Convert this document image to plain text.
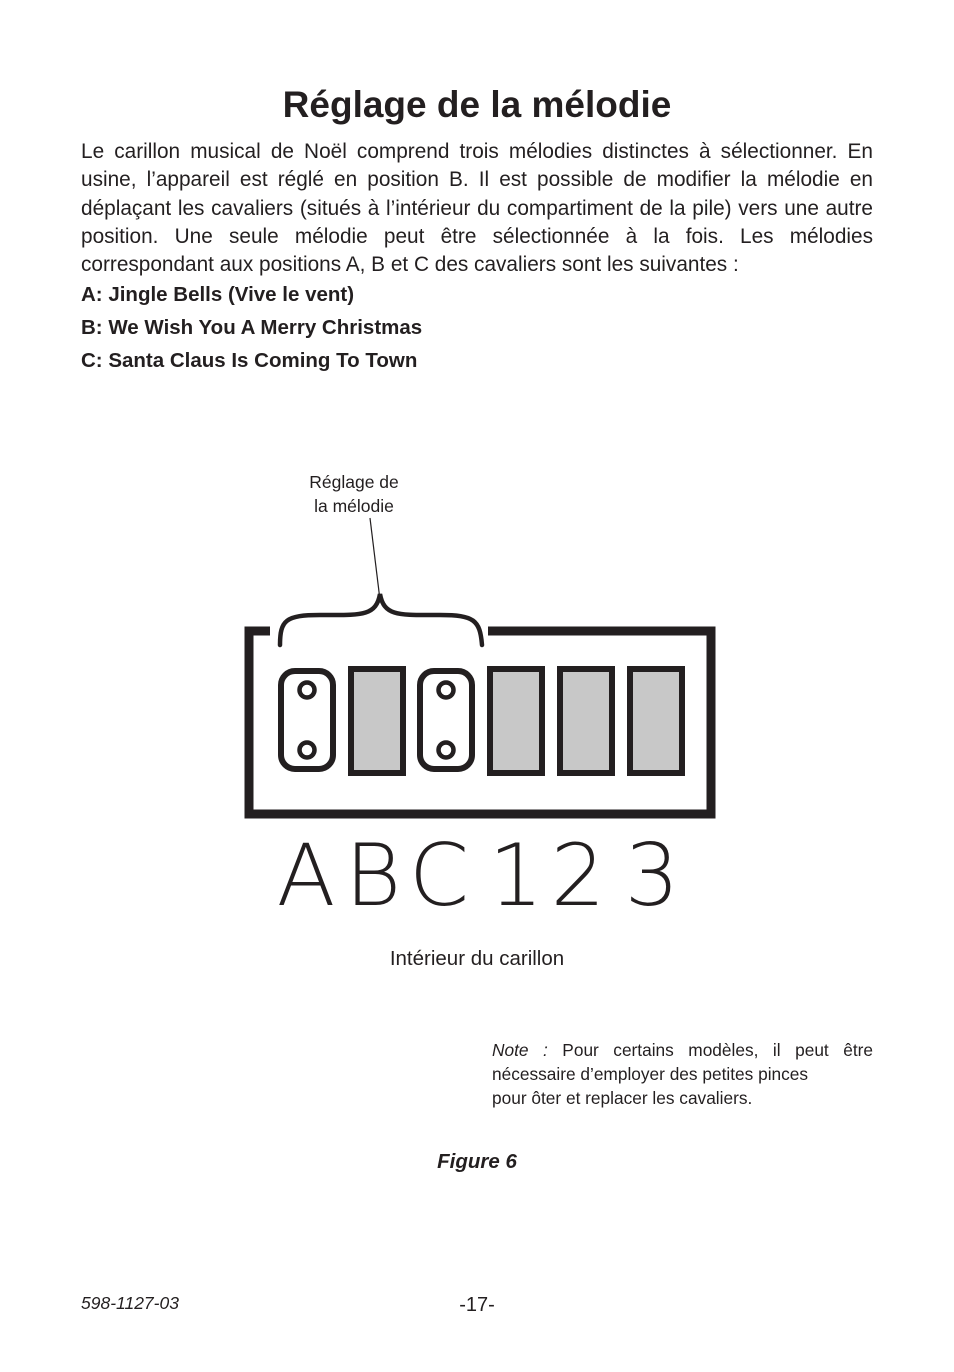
Réglage de la mélodie

Le carillon musical de Noël comprend trois mélodies distinctes à sélectionner. En usine, l’appareil est réglé en position B. Il est possible de modifier la mélodie en déplaçant les cavaliers (situés à l’intérieur du compartiment de la pile) vers une autre position. Une seule mélodie peut être sélectionnée à la fois. Les mélodies correspondant aux positions A, B et C des cavaliers sont les suivantes :

A: Jingle Bells (Vive le vent)

B: We Wish You A Merry Christmas

C: Santa Claus Is Coming To Town

Réglage de
la mélodie
A B C 1 2 3
Intérieur du carillon

Note : Pour certains modèles, il peut être nécessaire d’employer des petites pinces
pour ôter et replacer les cavaliers.

Figure 6
598-1127-03	-17-
